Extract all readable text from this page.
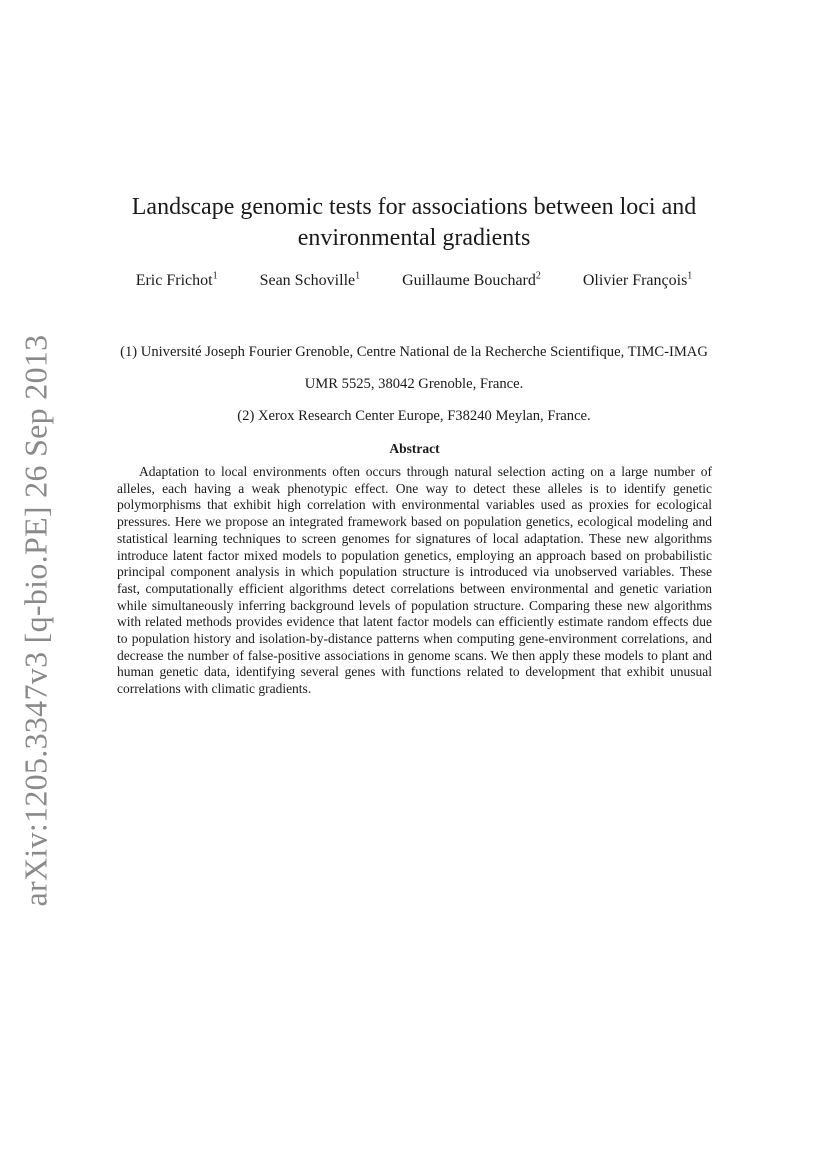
arXiv:1205.3347v3 [q-bio.PE] 26 Sep 2013
Landscape genomic tests for associations between loci and environmental gradients
Eric Frichot$^1$	Sean Schoville$^1$	Guillaume Bouchard$^2$	Olivier François$^1$
(1) Université Joseph Fourier Grenoble, Centre National de la Recherche Scientifique, TIMC-IMAG
UMR 5525, 38042 Grenoble, France.
(2) Xerox Research Center Europe, F38240 Meylan, France.
Abstract

Adaptation to local environments often occurs through natural selection acting on a large number of alleles, each having a weak phenotypic effect. One way to detect these alleles is to identify genetic polymorphisms that exhibit high correlation with environmental variables used as proxies for ecological pressures. Here we propose an integrated framework based on population genetics, ecological modeling and statistical learning techniques to screen genomes for signatures of local adaptation. These new algorithms introduce latent factor mixed models to population genetics, employing an approach based on probabilistic principal component analysis in which population structure is introduced via unobserved variables. These fast, computationally efficient algorithms detect correlations between environmental and genetic variation while simultaneously inferring background levels of population structure. Comparing these new algorithms with related methods provides evidence that latent factor models can efficiently estimate random effects due to population history and isolation-by-distance patterns when computing gene-environment correlations, and decrease the number of false-positive associations in genome scans. We then apply these models to plant and human genetic data, identifying several genes with functions related to development that exhibit unusual correlations with climatic gradients.
